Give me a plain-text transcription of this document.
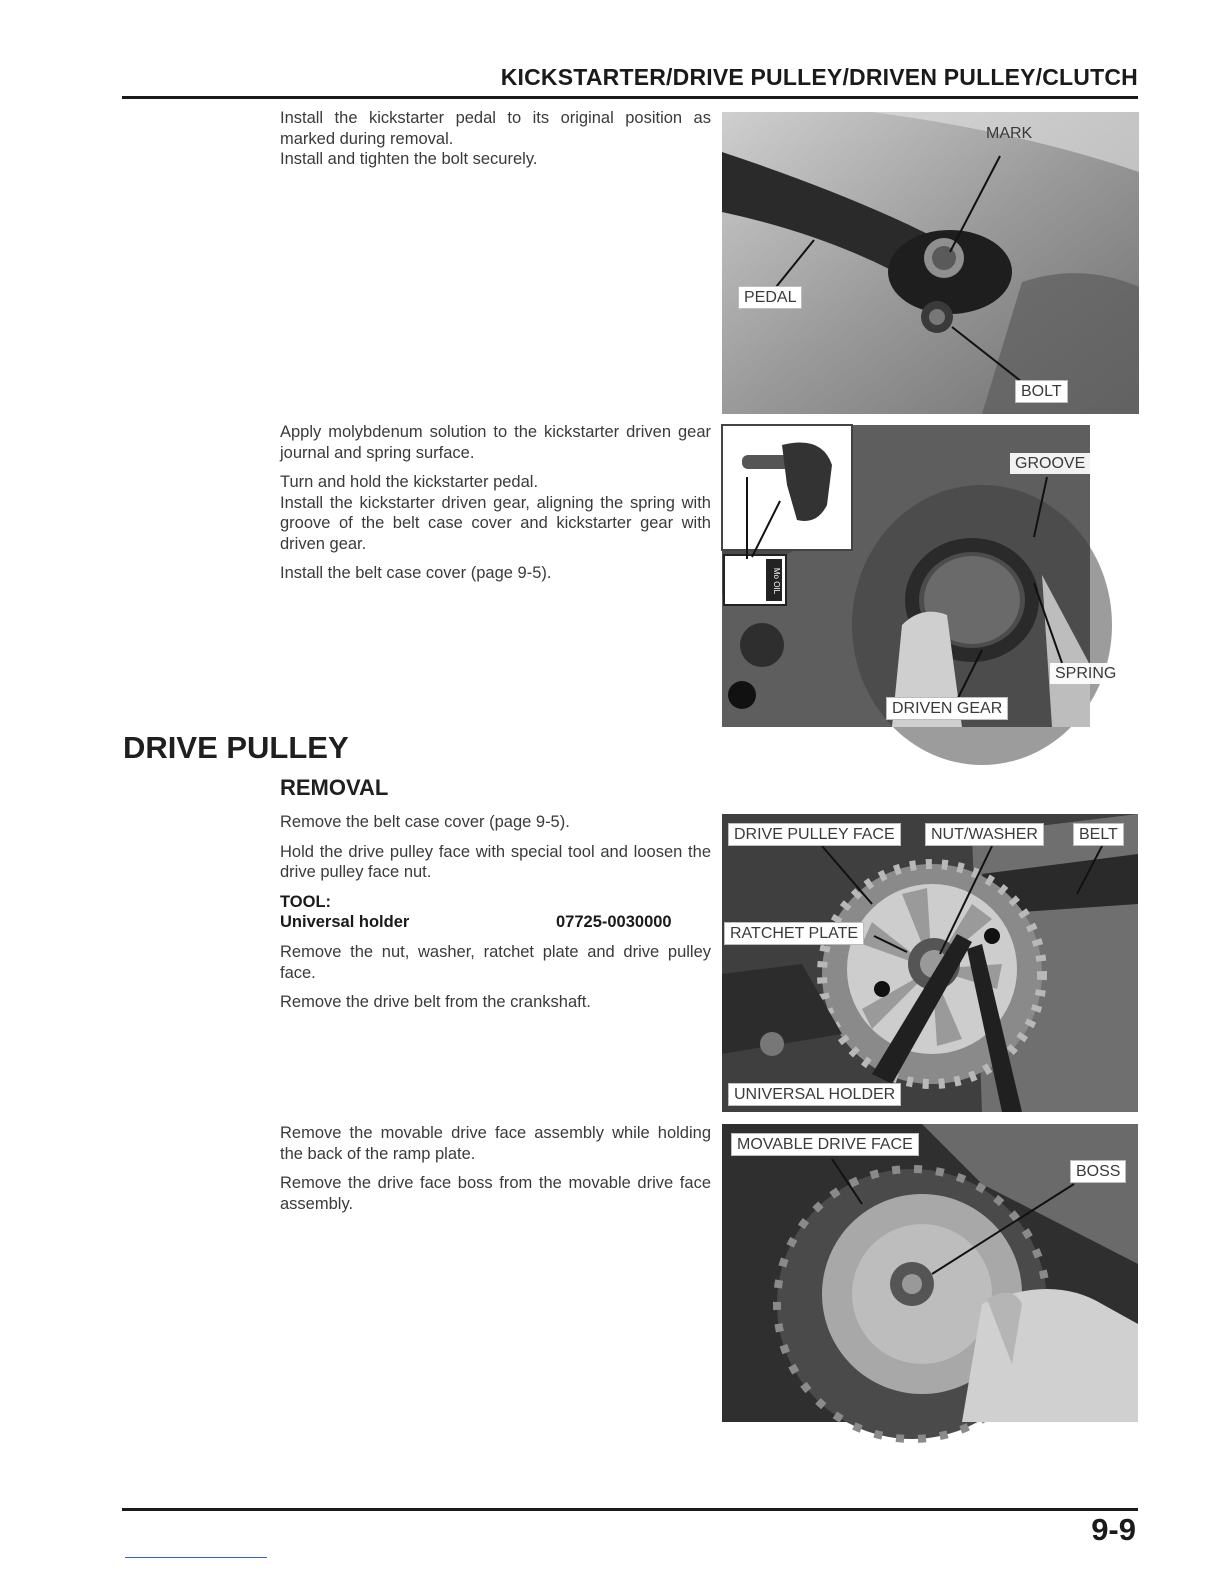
KICKSTARTER/DRIVE PULLEY/DRIVEN PULLEY/CLUTCH
Install the kickstarter pedal to its original position as marked during removal.
Install and tighten the bolt securely.
MARK
PEDAL
BOLT

Apply molybdenum solution to the kickstarter driven gear journal and spring surface.

Turn and hold the kickstarter pedal.

Install the kickstarter driven gear, aligning the spring with groove of the belt case cover and kickstarter gear with driven gear.

Install the belt case cover (page 9-5).	Mo OIL
GROOVE
SPRING
DRIVEN GEAR
DRIVE PULLEY
REMOVAL

Remove the belt case cover (page 9-5).

Hold the drive pulley face with special tool and loosen the drive pulley face nut.

TOOL:
Universal holder	07725-0030000

Remove the nut, washer, ratchet plate and drive pulley face.

Remove the drive belt from the crankshaft.

DRIVE PULLEY FACE	NUT/WASHER	BELT
RATCHET PLATE
UNIVERSAL HOLDER

Remove the movable drive face assembly while holding the back of the ramp plate.

Remove the drive face boss from the movable drive face assembly.

MOVABLE DRIVE FACE
BOSS
9-9
